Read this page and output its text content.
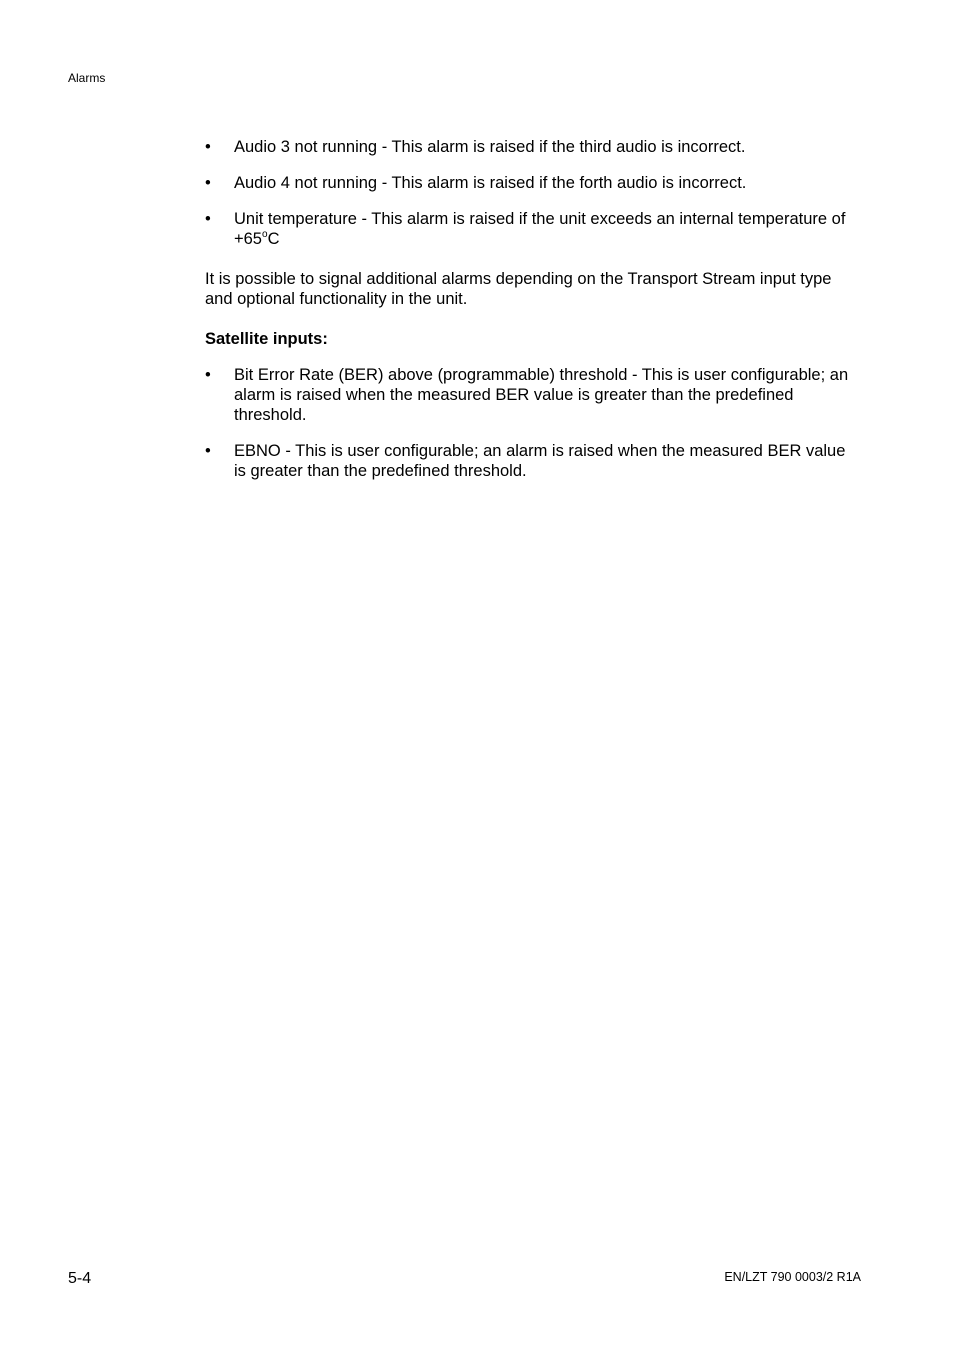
Alarms
• Audio 3 not running - This alarm is raised if the third audio is incorrect.
• Audio 4 not running - This alarm is raised if the forth audio is incorrect.
• Unit temperature - This alarm is raised if the unit exceeds an internal temperature of $+65^oC$

It is possible to signal additional alarms depending on the Transport Stream input type and optional functionality in the unit.

Satellite inputs:

• Bit Error Rate (BER) above (programmable) threshold - This is user configurable; an alarm is raised when the measured BER value is greater than the predefined threshold.
• EBNO - This is user configurable; an alarm is raised when the measured BER value is greater than the predefined threshold.
5-4	EN/LZT 790 0003/2 R1A
